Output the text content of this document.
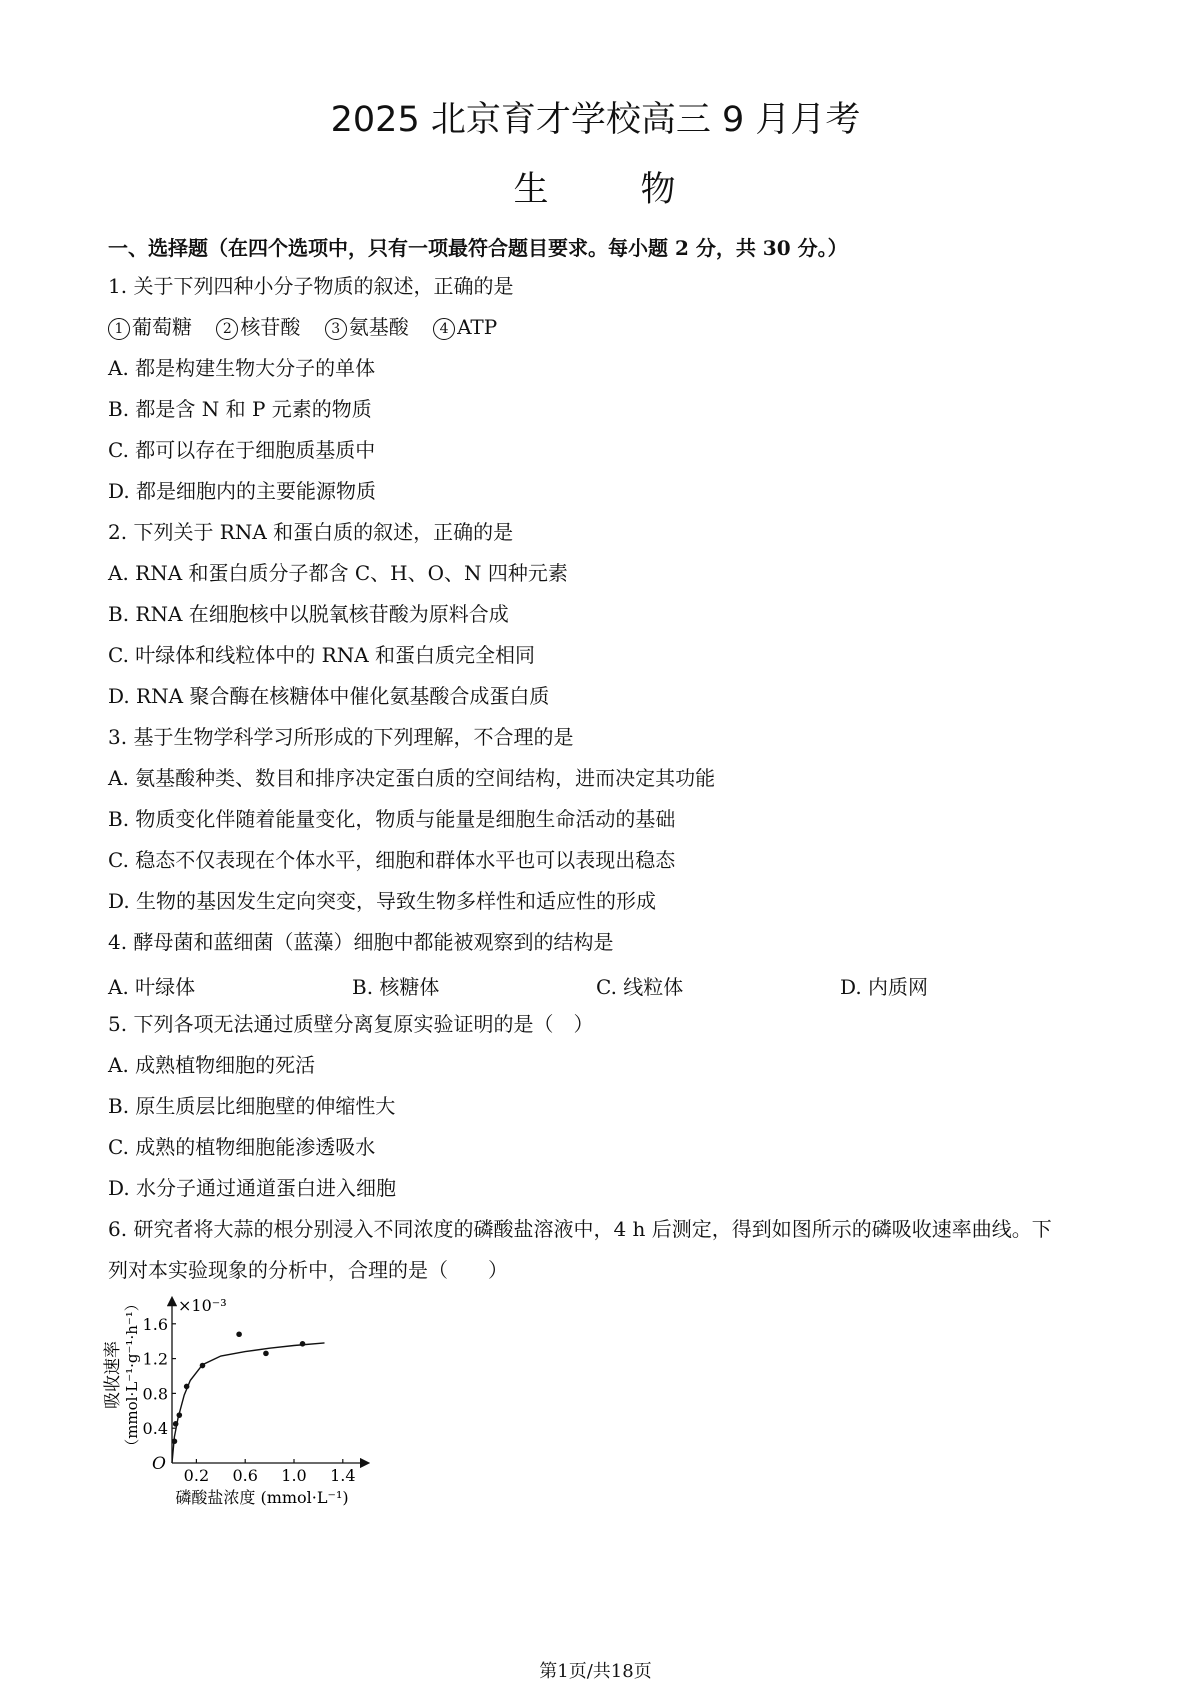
2025 北京育才学校高三 9 月月考
生	物
一、选择题（在四个选项中，只有一项最符合题目要求。每小题 2 分，共 30 分。）
1. 关于下列四种小分子物质的叙述，正确的是
1 葡萄糖 2 核苷酸 3 氨基酸 4 ATP
A. 都是构建生物大分子的单体
B. 都是含 N 和 P 元素的物质
C. 都可以存在于细胞质基质中
D. 都是细胞内的主要能源物质
2. 下列关于 RNA 和蛋白质的叙述，正确的是
A. RNA 和蛋白质分子都含 C、H、O、N 四种元素
B. RNA 在细胞核中以脱氧核苷酸为原料合成
C. 叶绿体和线粒体中的 RNA 和蛋白质完全相同
D. RNA 聚合酶在核糖体中催化氨基酸合成蛋白质
3. 基于生物学科学习所形成的下列理解，不合理的是
A. 氨基酸种类、数目和排序决定蛋白质的空间结构，进而决定其功能
B. 物质变化伴随着能量变化，物质与能量是细胞生命活动的基础
C. 稳态不仅表现在个体水平，细胞和群体水平也可以表现出稳态
D. 生物的基因发生定向突变，导致生物多样性和适应性的形成
4. 酵母菌和蓝细菌（蓝藻）细胞中都能被观察到的结构是
A. 叶绿体	B. 核糖体	C. 线粒体	D. 内质网
5. 下列各项无法通过质壁分离复原实验证明的是（　）
A. 成熟植物细胞的死活
B. 原生质层比细胞壁的伸缩性大
C. 成熟的植物细胞能渗透吸水
D. 水分子通过通道蛋白进入细胞
6. 研究者将大蒜的根分别浸入不同浓度的磷酸盐溶液中，4 h 后测定，得到如图所示的磷吸收速率曲线。下
列对本实验现象的分析中，合理的是（　　）
0.2 0.6 1.0 1.4
0.4
0.8
1.2
1.6
×10⁻³
O
磷酸盐浓度 (mmol·L⁻¹)
吸收速率 （mmol·L⁻¹·g⁻¹·h⁻¹）
第1页/共18页
